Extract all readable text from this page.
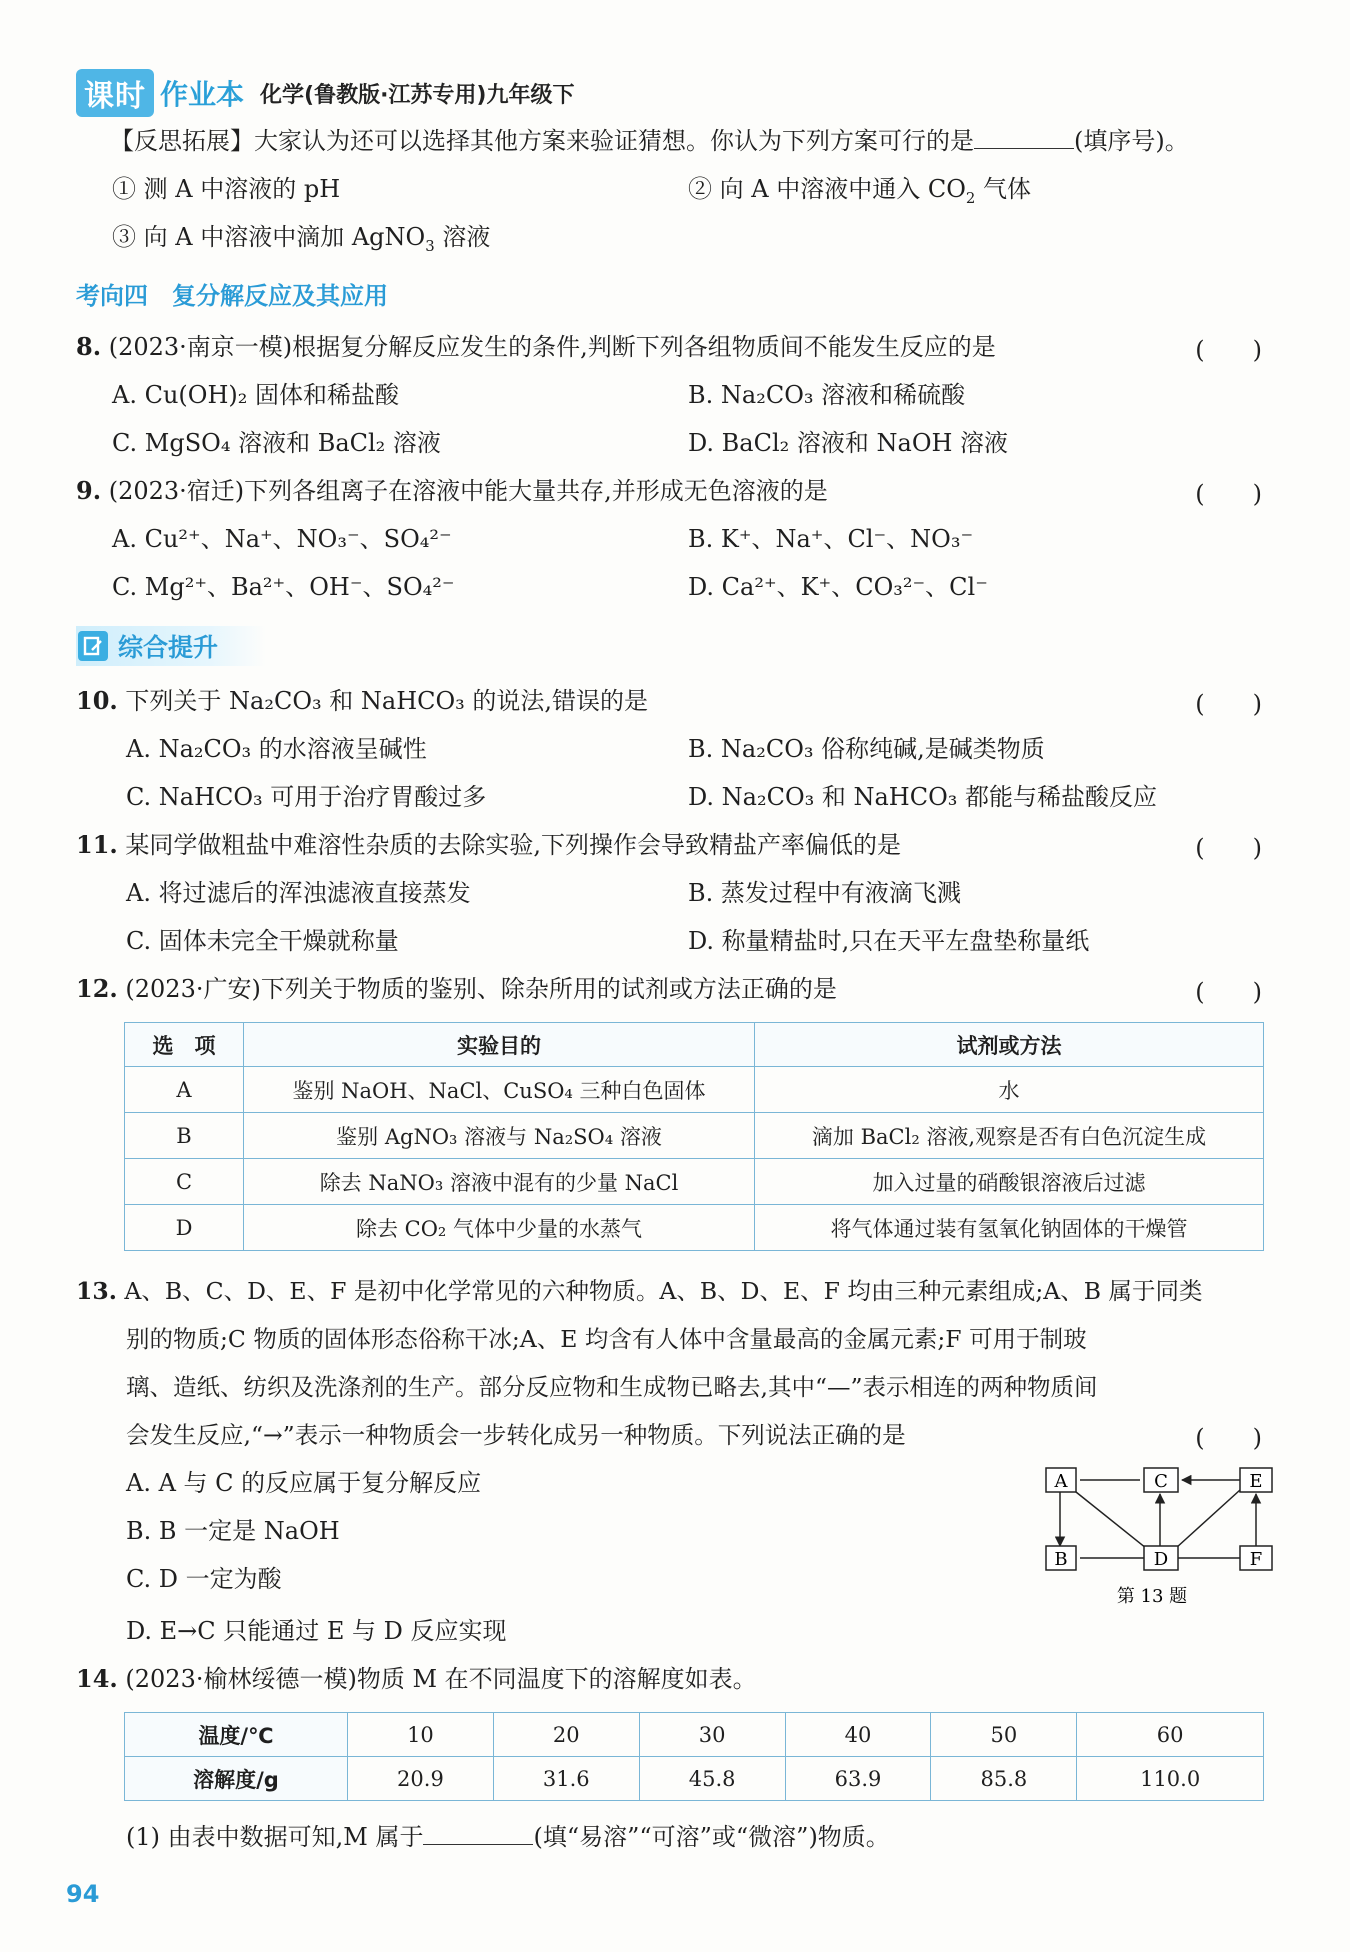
课时 作业本 化学(鲁教版·江苏专用)九年级下
【反思拓展】大家认为还可以选择其他方案来验证猜想。你认为下列方案可行的是	(填序号)。
① 测 A 中溶液的 pH	② 向 A 中溶液中通入 $CO_2$ 气体
③ 向 A 中溶液中滴加 AgNO$_3$ 溶液
考向四　复分解反应及其应用
8. (2023·南京一模)根据复分解反应发生的条件,判断下列各组物质间不能发生反应的是	(　　)
A. Cu(OH)₂ 固体和稀盐酸	B. Na₂CO₃ 溶液和稀硫酸
C. MgSO₄ 溶液和 BaCl₂ 溶液	D. BaCl₂ 溶液和 NaOH 溶液
9. (2023·宿迁)下列各组离子在溶液中能大量共存,并形成无色溶液的是	(　　)
A. Cu²⁺、Na⁺、NO₃⁻、SO₄²⁻	B. K⁺、Na⁺、Cl⁻、NO₃⁻
C. Mg²⁺、Ba²⁺、OH⁻、SO₄²⁻	D. Ca²⁺、K⁺、CO₃²⁻、Cl⁻
综合提升
10. 下列关于 Na₂CO₃ 和 NaHCO₃ 的说法,错误的是	(　　)
A. Na₂CO₃ 的水溶液呈碱性	B. Na₂CO₃ 俗称纯碱,是碱类物质
C. NaHCO₃ 可用于治疗胃酸过多	D. Na₂CO₃ 和 NaHCO₃ 都能与稀盐酸反应
11. 某同学做粗盐中难溶性杂质的去除实验,下列操作会导致精盐产率偏低的是	(　　)
A. 将过滤后的浑浊滤液直接蒸发	B. 蒸发过程中有液滴飞溅
C. 固体未完全干燥就称量	D. 称量精盐时,只在天平左盘垫称量纸
12. (2023·广安)下列关于物质的鉴别、除杂所用的试剂或方法正确的是	(　　)
选　项	实验目的	试剂或方法
A	鉴别 NaOH、NaCl、CuSO₄ 三种白色固体	水
B	鉴别 AgNO₃ 溶液与 Na₂SO₄ 溶液	滴加 BaCl₂ 溶液,观察是否有白色沉淀生成
C	除去 NaNO₃ 溶液中混有的少量 NaCl	加入过量的硝酸银溶液后过滤
D	除去 CO₂ 气体中少量的水蒸气	将气体通过装有氢氧化钠固体的干燥管
13. A、B、C、D、E、F 是初中化学常见的六种物质。A、B、D、E、F 均由三种元素组成;A、B 属于同类
别的物质;C 物质的固体形态俗称干冰;A、E 均含有人体中含量最高的金属元素;F 可用于制玻
璃、造纸、纺织及洗涤剂的生产。部分反应物和生成物已略去,其中“—”表示相连的两种物质间
会发生反应,“→”表示一种物质会一步转化成另一种物质。下列说法正确的是	(　　)
A. A 与 C 的反应属于复分解反应
B. B 一定是 NaOH
C. D 一定为酸
D. E→C 只能通过 E 与 D 反应实现
A	C	E
B	D	F
第 13 题
14. (2023·榆林绥德一模)物质 M 在不同温度下的溶解度如表。
温度/℃	10	20	30	40	50	60
溶解度/g	20.9	31.6	45.8	63.9	85.8	110.0
(1) 由表中数据可知,M 属于	(填“易溶”“可溶”或“微溶”)物质。
94
